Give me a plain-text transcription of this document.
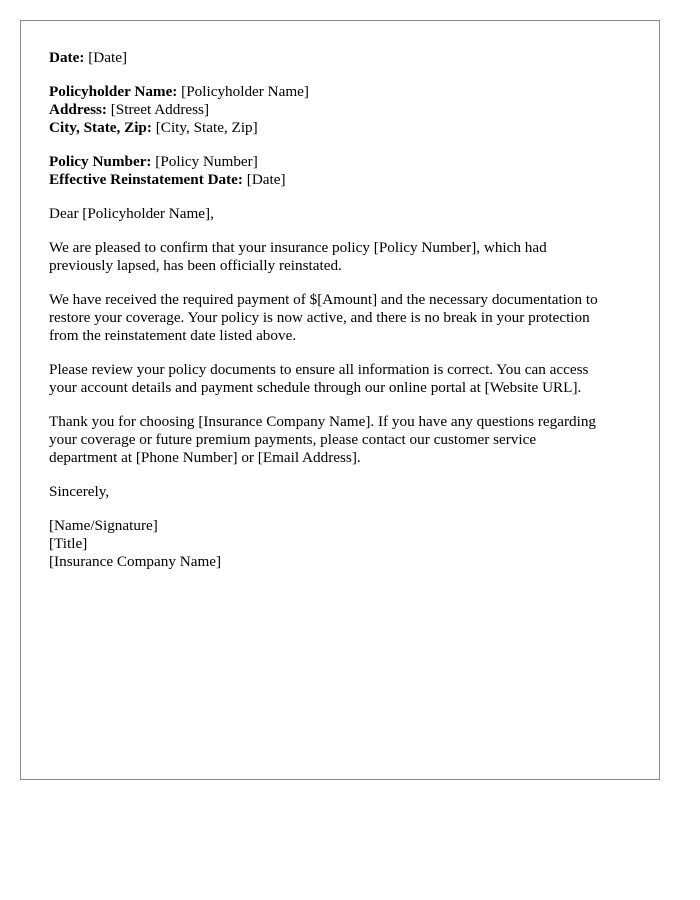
Date: [Date]
Policyholder Name: [Policyholder Name]
Address: [Street Address]
City, State, Zip: [City, State, Zip]
Policy Number: [Policy Number]
Effective Reinstatement Date: [Date]

Dear [Policyholder Name],

We are pleased to confirm that your insurance policy [Policy Number], which had
previously lapsed, has been officially reinstated.

We have received the required payment of $[Amount] and the necessary documentation to
restore your coverage. Your policy is now active, and there is no break in your protection
from the reinstatement date listed above.

Please review your policy documents to ensure all information is correct. You can access
your account details and payment schedule through our online portal at [Website URL].

Thank you for choosing [Insurance Company Name]. If you have any questions regarding
your coverage or future premium payments, please contact our customer service
department at [Phone Number] or [Email Address].

Sincerely,

[Name/Signature]
[Title]
[Insurance Company Name]
